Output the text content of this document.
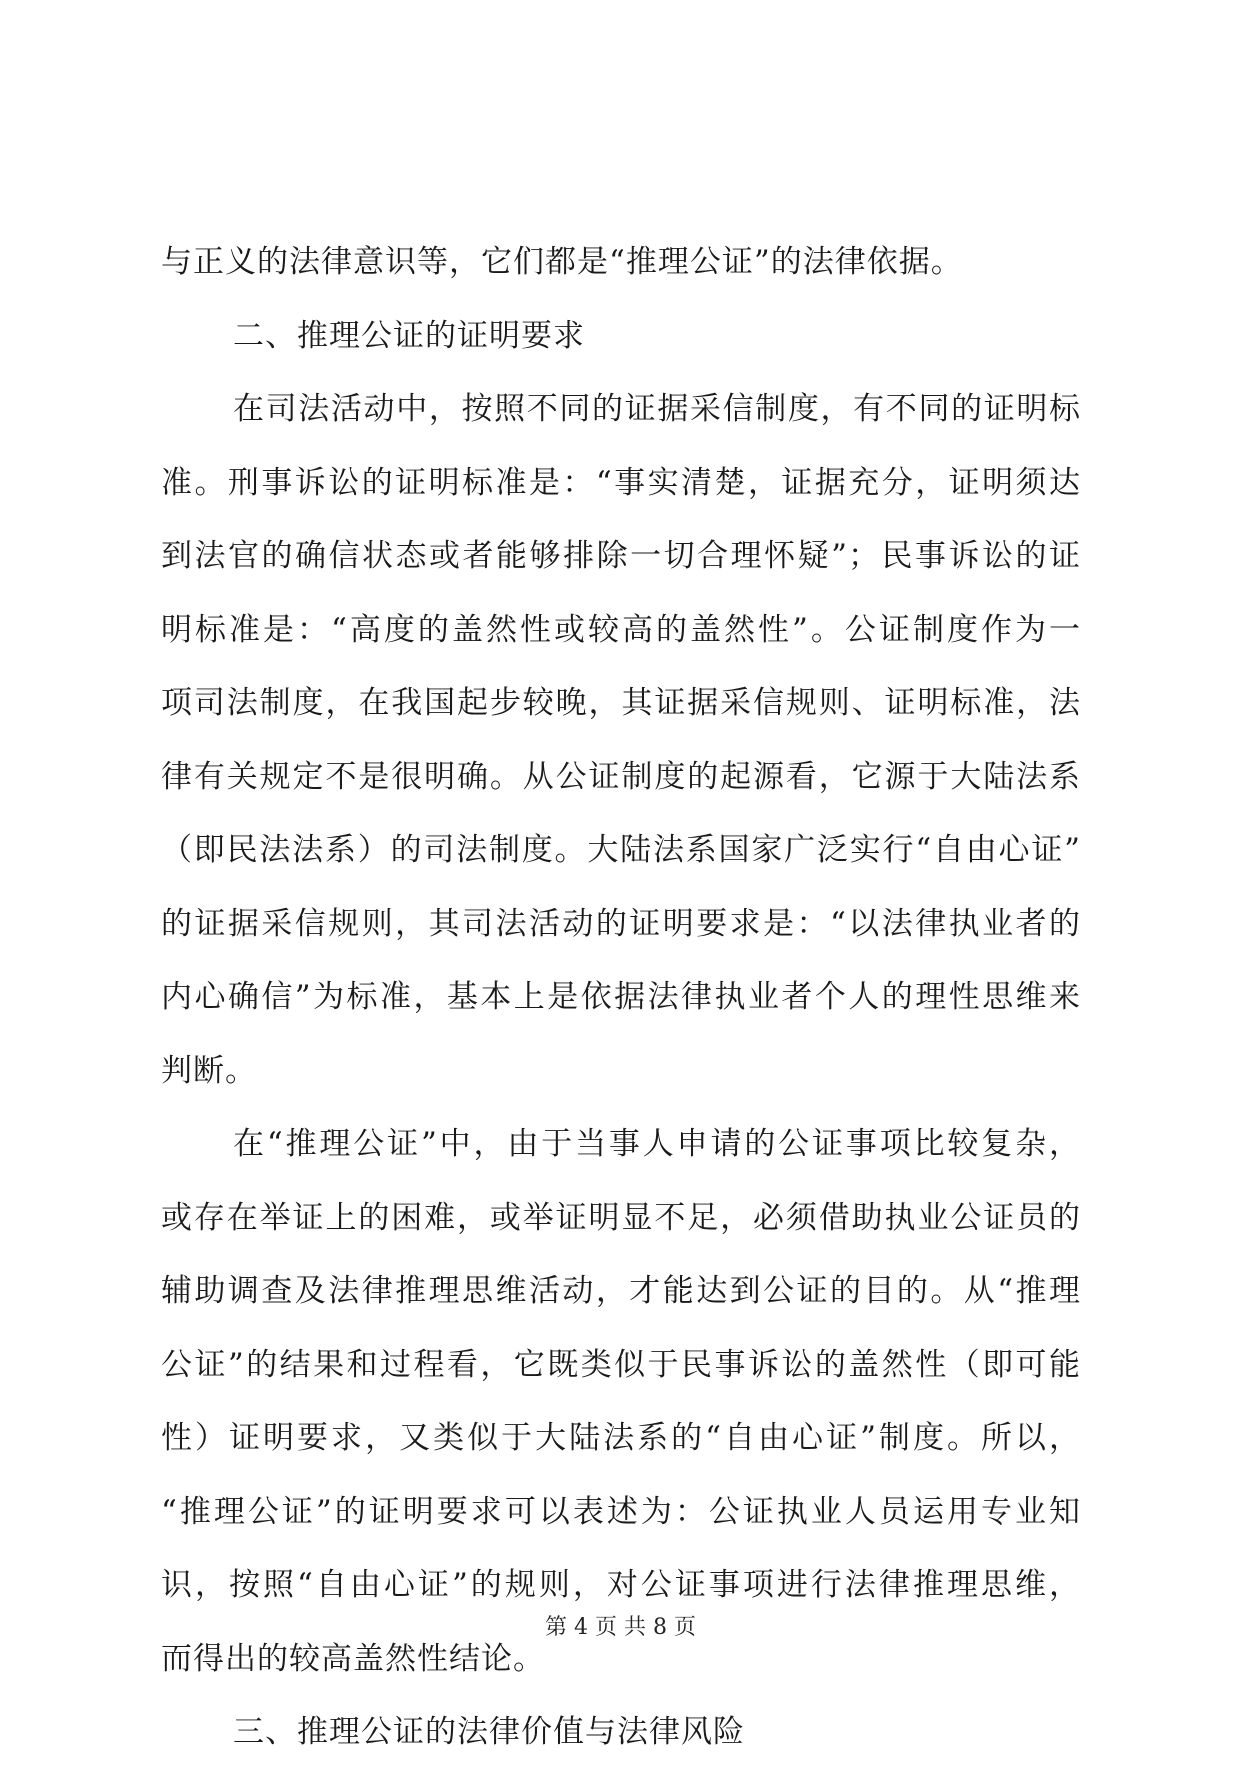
与正义的法律意识等，它们都是“推理公证”的法律依据。
二、推理公证的证明要求
在司法活动中，按照不同的证据采信制度，有不同的证明标
准。刑事诉讼的证明标准是：“事实清楚，证据充分，证明须达
到法官的确信状态或者能够排除一切合理怀疑”；民事诉讼的证
明标准是：“高度的盖然性或较高的盖然性”。公证制度作为一
项司法制度，在我国起步较晚，其证据采信规则、证明标准，法
律有关规定不是很明确。从公证制度的起源看，它源于大陆法系
（即民法法系）的司法制度。大陆法系国家广泛实行“自由心证”
的证据采信规则，其司法活动的证明要求是：“以法律执业者的
内心确信”为标准，基本上是依据法律执业者个人的理性思维来
判断。
在“推理公证”中，由于当事人申请的公证事项比较复杂，
或存在举证上的困难，或举证明显不足，必须借助执业公证员的
辅助调查及法律推理思维活动，才能达到公证的目的。从“推理
公证”的结果和过程看，它既类似于民事诉讼的盖然性（即可能
性）证明要求，又类似于大陆法系的“自由心证”制度。所以，
“推理公证”的证明要求可以表述为：公证执业人员运用专业知
识，按照“自由心证”的规则，对公证事项进行法律推理思维，
而得出的较高盖然性结论。
三、推理公证的法律价值与法律风险
第 4 页 共 8 页
